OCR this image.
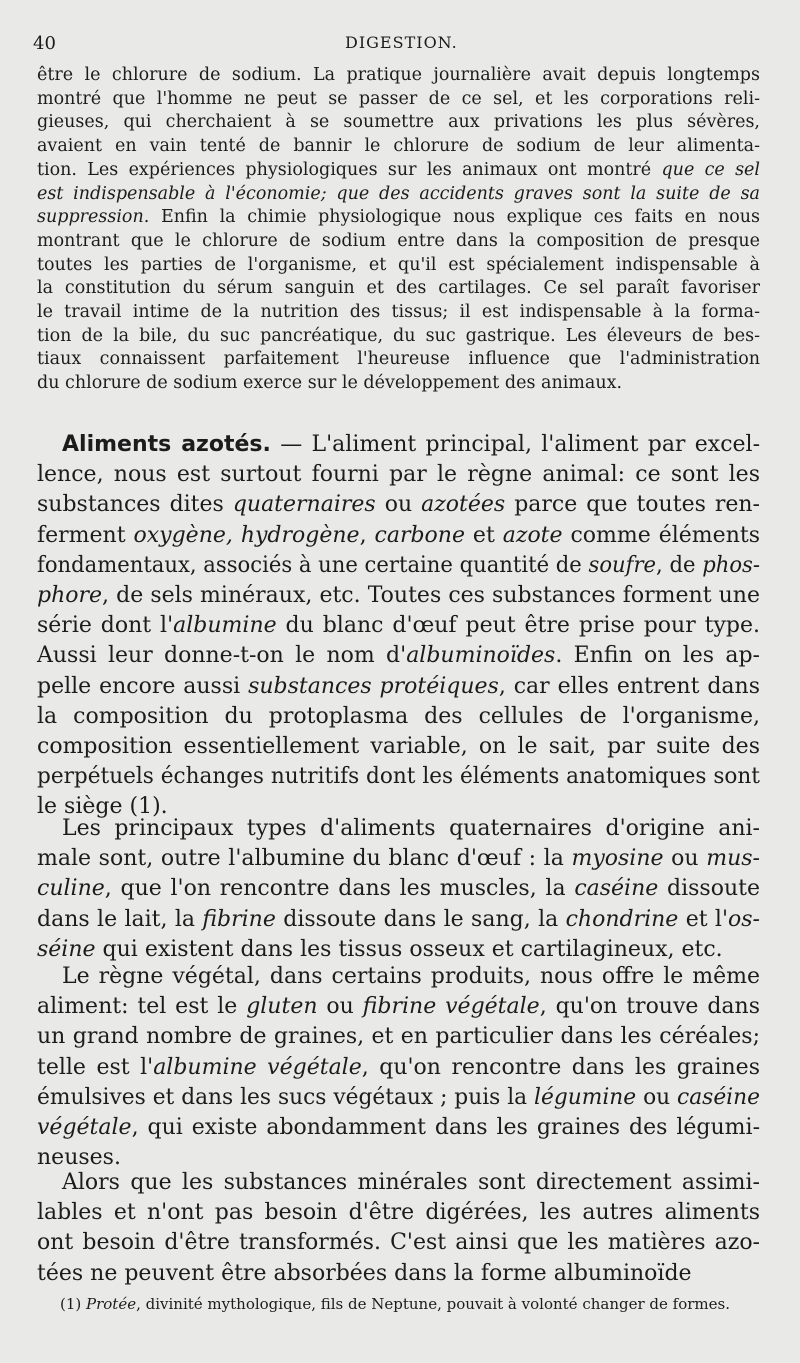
40	DIGESTION.
être le chlorure de sodium. La pratique journalière avait depuis longtemps
montré que l'homme ne peut se passer de ce sel, et les corporations reli-
gieuses, qui cherchaient à se soumettre aux privations les plus sévères,
avaient en vain tenté de bannir le chlorure de sodium de leur alimenta-
tion. Les expériences physiologiques sur les animaux ont montré que ce sel
est indispensable à l'économie; que des accidents graves sont la suite de sa
suppression. Enfin la chimie physiologique nous explique ces faits en nous
montrant que le chlorure de sodium entre dans la composition de presque
toutes les parties de l'organisme, et qu'il est spécialement indispensable à
la constitution du sérum sanguin et des cartilages. Ce sel paraît favoriser
le travail intime de la nutrition des tissus; il est indispensable à la forma-
tion de la bile, du suc pancréatique, du suc gastrique. Les éleveurs de bes-
tiaux connaissent parfaitement l'heureuse influence que l'administration
du chlorure de sodium exerce sur le développement des animaux.
Aliments azotés. — L'aliment principal, l'aliment par excel-
lence, nous est surtout fourni par le règne animal: ce sont les
substances dites quaternaires ou azotées parce que toutes ren-
ferment oxygène, hydrogène, carbone et azote comme éléments
fondamentaux, associés à une certaine quantité de soufre, de phos-
phore, de sels minéraux, etc. Toutes ces substances forment une
série dont l'albumine du blanc d'œuf peut être prise pour type.
Aussi leur donne-t-on le nom d'albuminoïdes. Enfin on les ap-
pelle encore aussi substances protéiques, car elles entrent dans
la composition du protoplasma des cellules de l'organisme,
composition essentiellement variable, on le sait, par suite des
perpétuels échanges nutritifs dont les éléments anatomiques sont
le siège (1).
Les principaux types d'aliments quaternaires d'origine ani-
male sont, outre l'albumine du blanc d'œuf : la myosine ou mus-
culine, que l'on rencontre dans les muscles, la caséine dissoute
dans le lait, la fibrine dissoute dans le sang, la chondrine et l'os-
séine qui existent dans les tissus osseux et cartilagineux, etc.
Le règne végétal, dans certains produits, nous offre le même
aliment: tel est le gluten ou fibrine végétale, qu'on trouve dans
un grand nombre de graines, et en particulier dans les céréales;
telle est l'albumine végétale, qu'on rencontre dans les graines
émulsives et dans les sucs végétaux ; puis la légumine ou caséine
végétale, qui existe abondamment dans les graines des légumi-
neuses.
Alors que les substances minérales sont directement assimi-
lables et n'ont pas besoin d'être digérées, les autres aliments
ont besoin d'être transformés. C'est ainsi que les matières azo-
tées ne peuvent être absorbées dans la forme albuminoïde
(1) Protée, divinité mythologique, fils de Neptune, pouvait à volonté changer de formes.
